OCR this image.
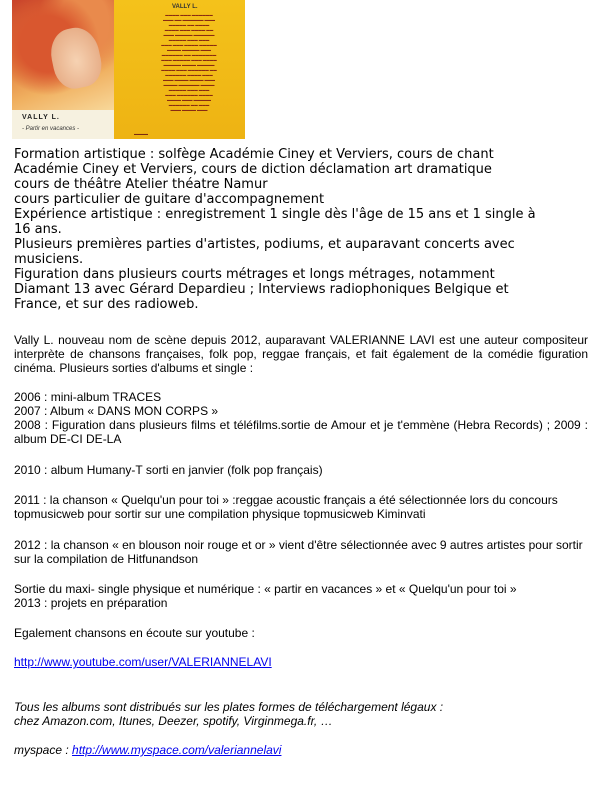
VALLY L.
- Partir en vacances -
VALLY L.
▬▬▬▬ ▬▬▬ ▬▬▬▬▬▬
▬▬▬ ▬▬ ▬▬▬▬▬▬ ▬▬▬
▬▬▬▬▬ ▬▬ ▬▬▬▬
▬▬▬▬ ▬▬▬ ▬▬▬▬ ▬▬
▬▬▬ ▬▬▬▬▬ ▬▬▬▬▬▬
▬▬▬▬▬ ▬▬▬ ▬▬▬
▬▬▬ ▬▬▬ ▬▬▬▬ ▬▬▬▬▬
▬▬▬▬ ▬▬▬▬▬ ▬▬▬
▬▬▬▬▬▬ ▬▬ ▬▬▬▬▬▬▬
▬▬▬ ▬▬▬▬▬ ▬▬▬ ▬▬▬▬
▬▬▬▬▬ ▬▬▬▬ ▬▬▬▬▬
▬▬▬▬ ▬▬▬ ▬▬▬▬▬▬ ▬▬
▬▬▬▬▬▬ ▬▬▬▬ ▬▬▬
▬▬▬ ▬▬▬▬ ▬▬▬▬ ▬▬▬
▬▬▬▬ ▬▬▬▬▬▬ ▬▬▬▬
▬▬▬▬▬ ▬▬▬ ▬▬▬
▬▬▬ ▬▬▬▬▬▬ ▬▬▬▬
▬▬▬▬ ▬▬▬ ▬▬▬▬▬
▬▬▬▬▬▬ ▬▬ ▬▬▬
▬▬▬ ▬▬▬▬ ▬▬▬
▬▬▬▬
Formation artistique : solfège Académie Ciney et Verviers, cours de chant
Académie Ciney et Verviers, cours de diction déclamation art dramatique
cours de théâtre Atelier théatre Namur
cours particulier de guitare d'accompagnement
Expérience artistique : enregistrement 1 single dès l'âge de 15 ans et 1 single à
16 ans.
Plusieurs premières parties d'artistes, podiums, et auparavant concerts avec
musiciens.
Figuration dans plusieurs courts métrages et longs métrages, notamment
Diamant 13 avec Gérard Depardieu ; Interviews radiophoniques Belgique et
France, et sur des radioweb.
Vally L. nouveau nom de scène depuis 2012, auparavant VALERIANNE LAVI est une auteur compositeur interprète de chansons françaises, folk pop, reggae français, et fait également de la comédie figuration cinéma. Plusieurs sorties d'albums et single :
2006 : mini-album TRACES
2007 : Album « DANS MON CORPS »
2008 : Figuration dans plusieurs films et téléfilms.sortie de Amour et je t'emmène (Hebra Records) ; 2009 : album DE-CI DE-LA
2010 : album Humany-T sorti en janvier (folk pop français)
2011 : la chanson « Quelqu'un pour toi » :reggae acoustic français a été sélectionnée lors du concours topmusicweb pour sortir sur une compilation physique topmusicweb Kiminvati
2012 : la chanson « en blouson noir rouge et or » vient d'être sélectionnée avec 9 autres artistes pour sortir sur la compilation de Hitfunandson
Sortie du maxi- single physique et numérique : « partir en vacances » et « Quelqu'un pour toi »
2013 : projets en préparation
Egalement chansons en écoute sur youtube :
http://www.youtube.com/user/VALERIANNELAVI
Tous les albums sont distribués sur les plates formes de téléchargement légaux :
chez Amazon.com, Itunes, Deezer, spotify, Virginmega.fr, …
myspace : http://www.myspace.com/valeriannelavi
